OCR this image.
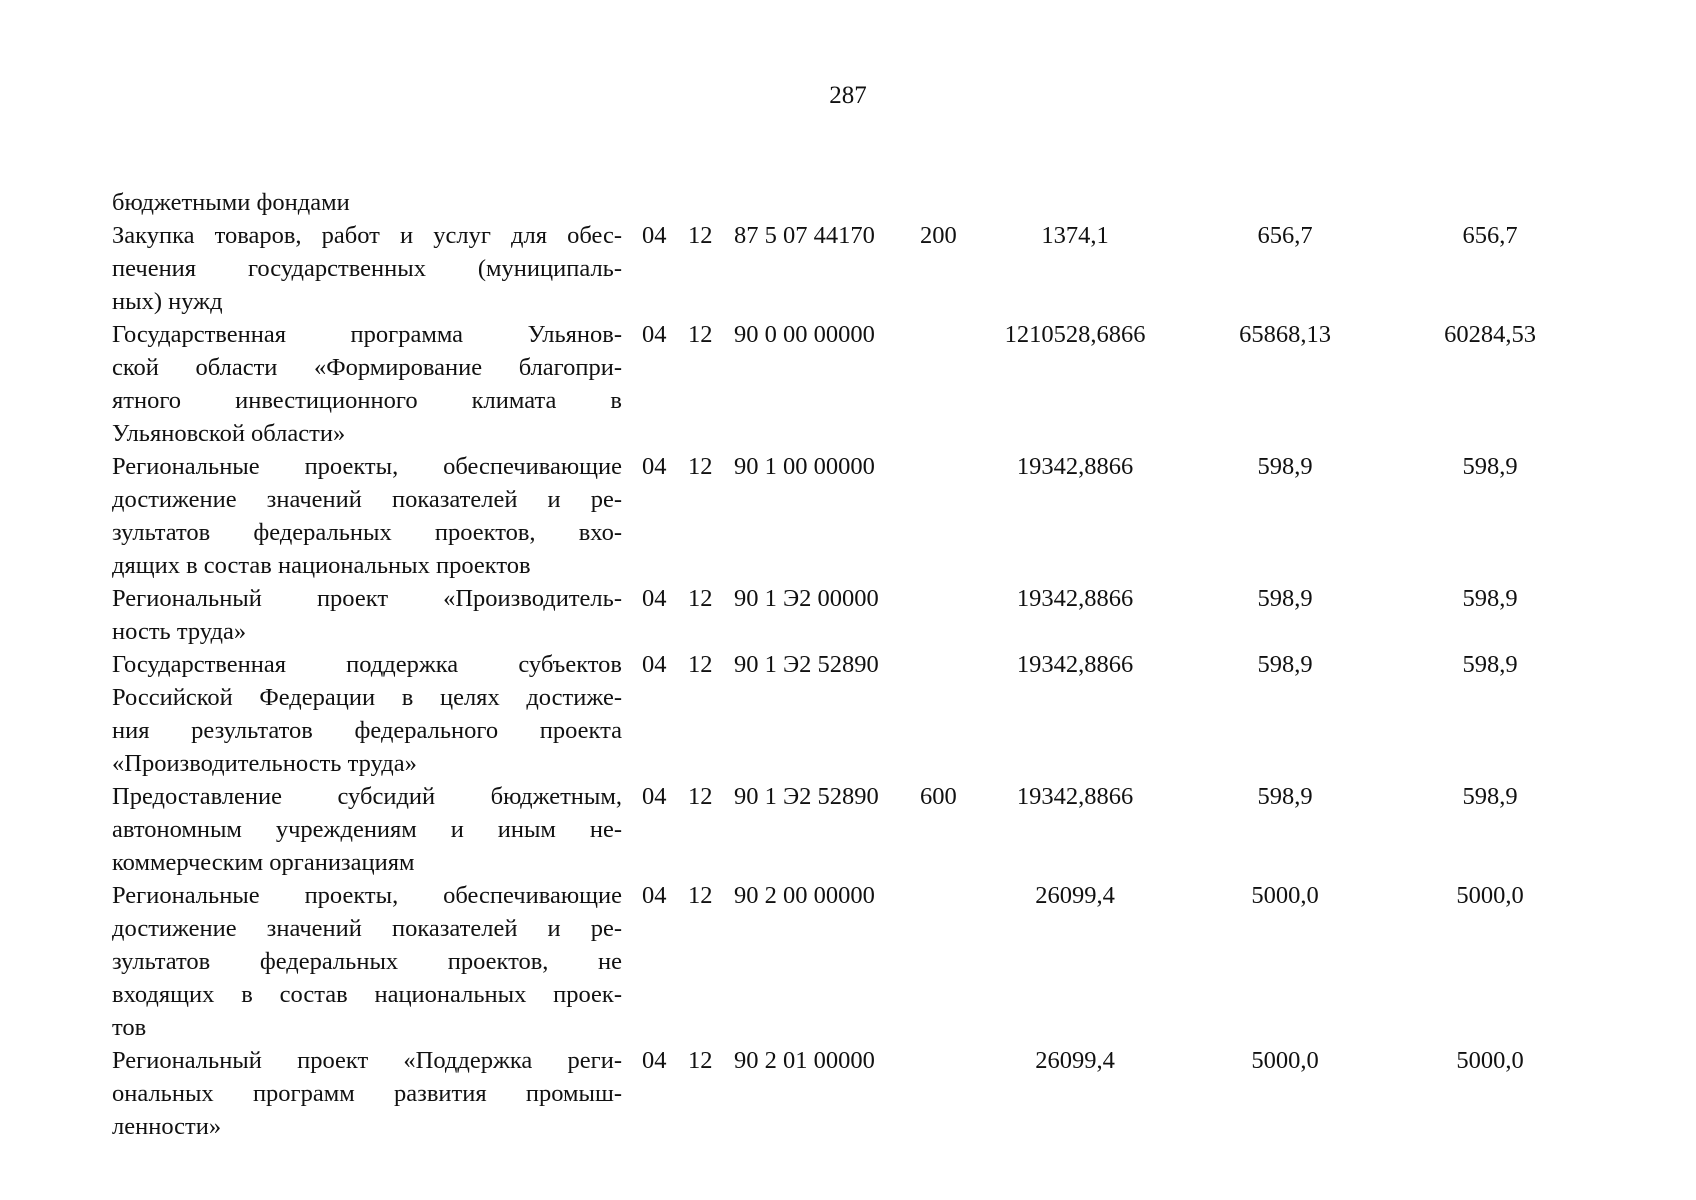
287
бюджетными фондами
Закупка товаров, работ и услуг для обес-
печения государственных (муниципаль-
ных) нужд
04 12 87 5 07 44170 200	1374,1	656,7	656,7
Государственная программа Ульянов-
ской области «Формирование благопри-
ятного инвестиционного климата в
Ульяновской области»
04 12 90 0 00 00000	1210528,6866	65868,13	60284,53
Региональные проекты, обеспечивающие
достижение значений показателей и ре-
зультатов федеральных проектов, вхо-
дящих в состав национальных проектов
04 12 90 1 00 00000	19342,8866	598,9	598,9
Региональный проект «Производитель-
ность труда»
04 12 90 1 Э2 00000	19342,8866	598,9	598,9
Государственная поддержка субъектов
Российской Федерации в целях достиже-
ния результатов федерального проекта
«Производительность труда»
04 12 90 1 Э2 52890	19342,8866	598,9	598,9
Предоставление субсидий бюджетным,
автономным учреждениям и иным не-
коммерческим организациям
04 12 90 1 Э2 52890 600	19342,8866	598,9	598,9
Региональные проекты, обеспечивающие
достижение значений показателей и ре-
зультатов федеральных проектов, не
входящих в состав национальных проек-
тов
04 12 90 2 00 00000	26099,4	5000,0	5000,0
Региональный проект «Поддержка реги-
ональных программ развития промыш-
ленности»
04 12 90 2 01 00000	26099,4	5000,0	5000,0
